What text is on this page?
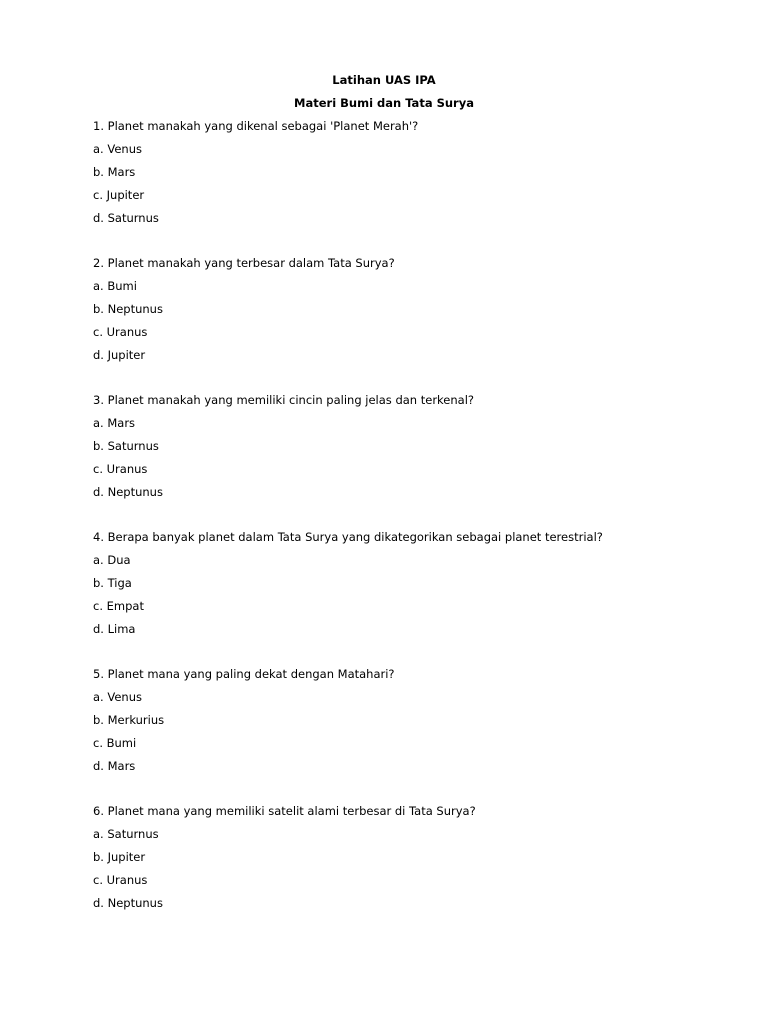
Latihan UAS IPA
Materi Bumi dan Tata Surya
1. Planet manakah yang dikenal sebagai 'Planet Merah'?
a. Venus
b. Mars
c. Jupiter
d. Saturnus
2. Planet manakah yang terbesar dalam Tata Surya?
a. Bumi
b. Neptunus
c. Uranus
d. Jupiter
3. Planet manakah yang memiliki cincin paling jelas dan terkenal?
a. Mars
b. Saturnus
c. Uranus
d. Neptunus
4. Berapa banyak planet dalam Tata Surya yang dikategorikan sebagai planet terestrial?
a. Dua
b. Tiga
c. Empat
d. Lima
5. Planet mana yang paling dekat dengan Matahari?
a. Venus
b. Merkurius
c. Bumi
d. Mars
6. Planet mana yang memiliki satelit alami terbesar di Tata Surya?
a. Saturnus
b. Jupiter
c. Uranus
d. Neptunus
